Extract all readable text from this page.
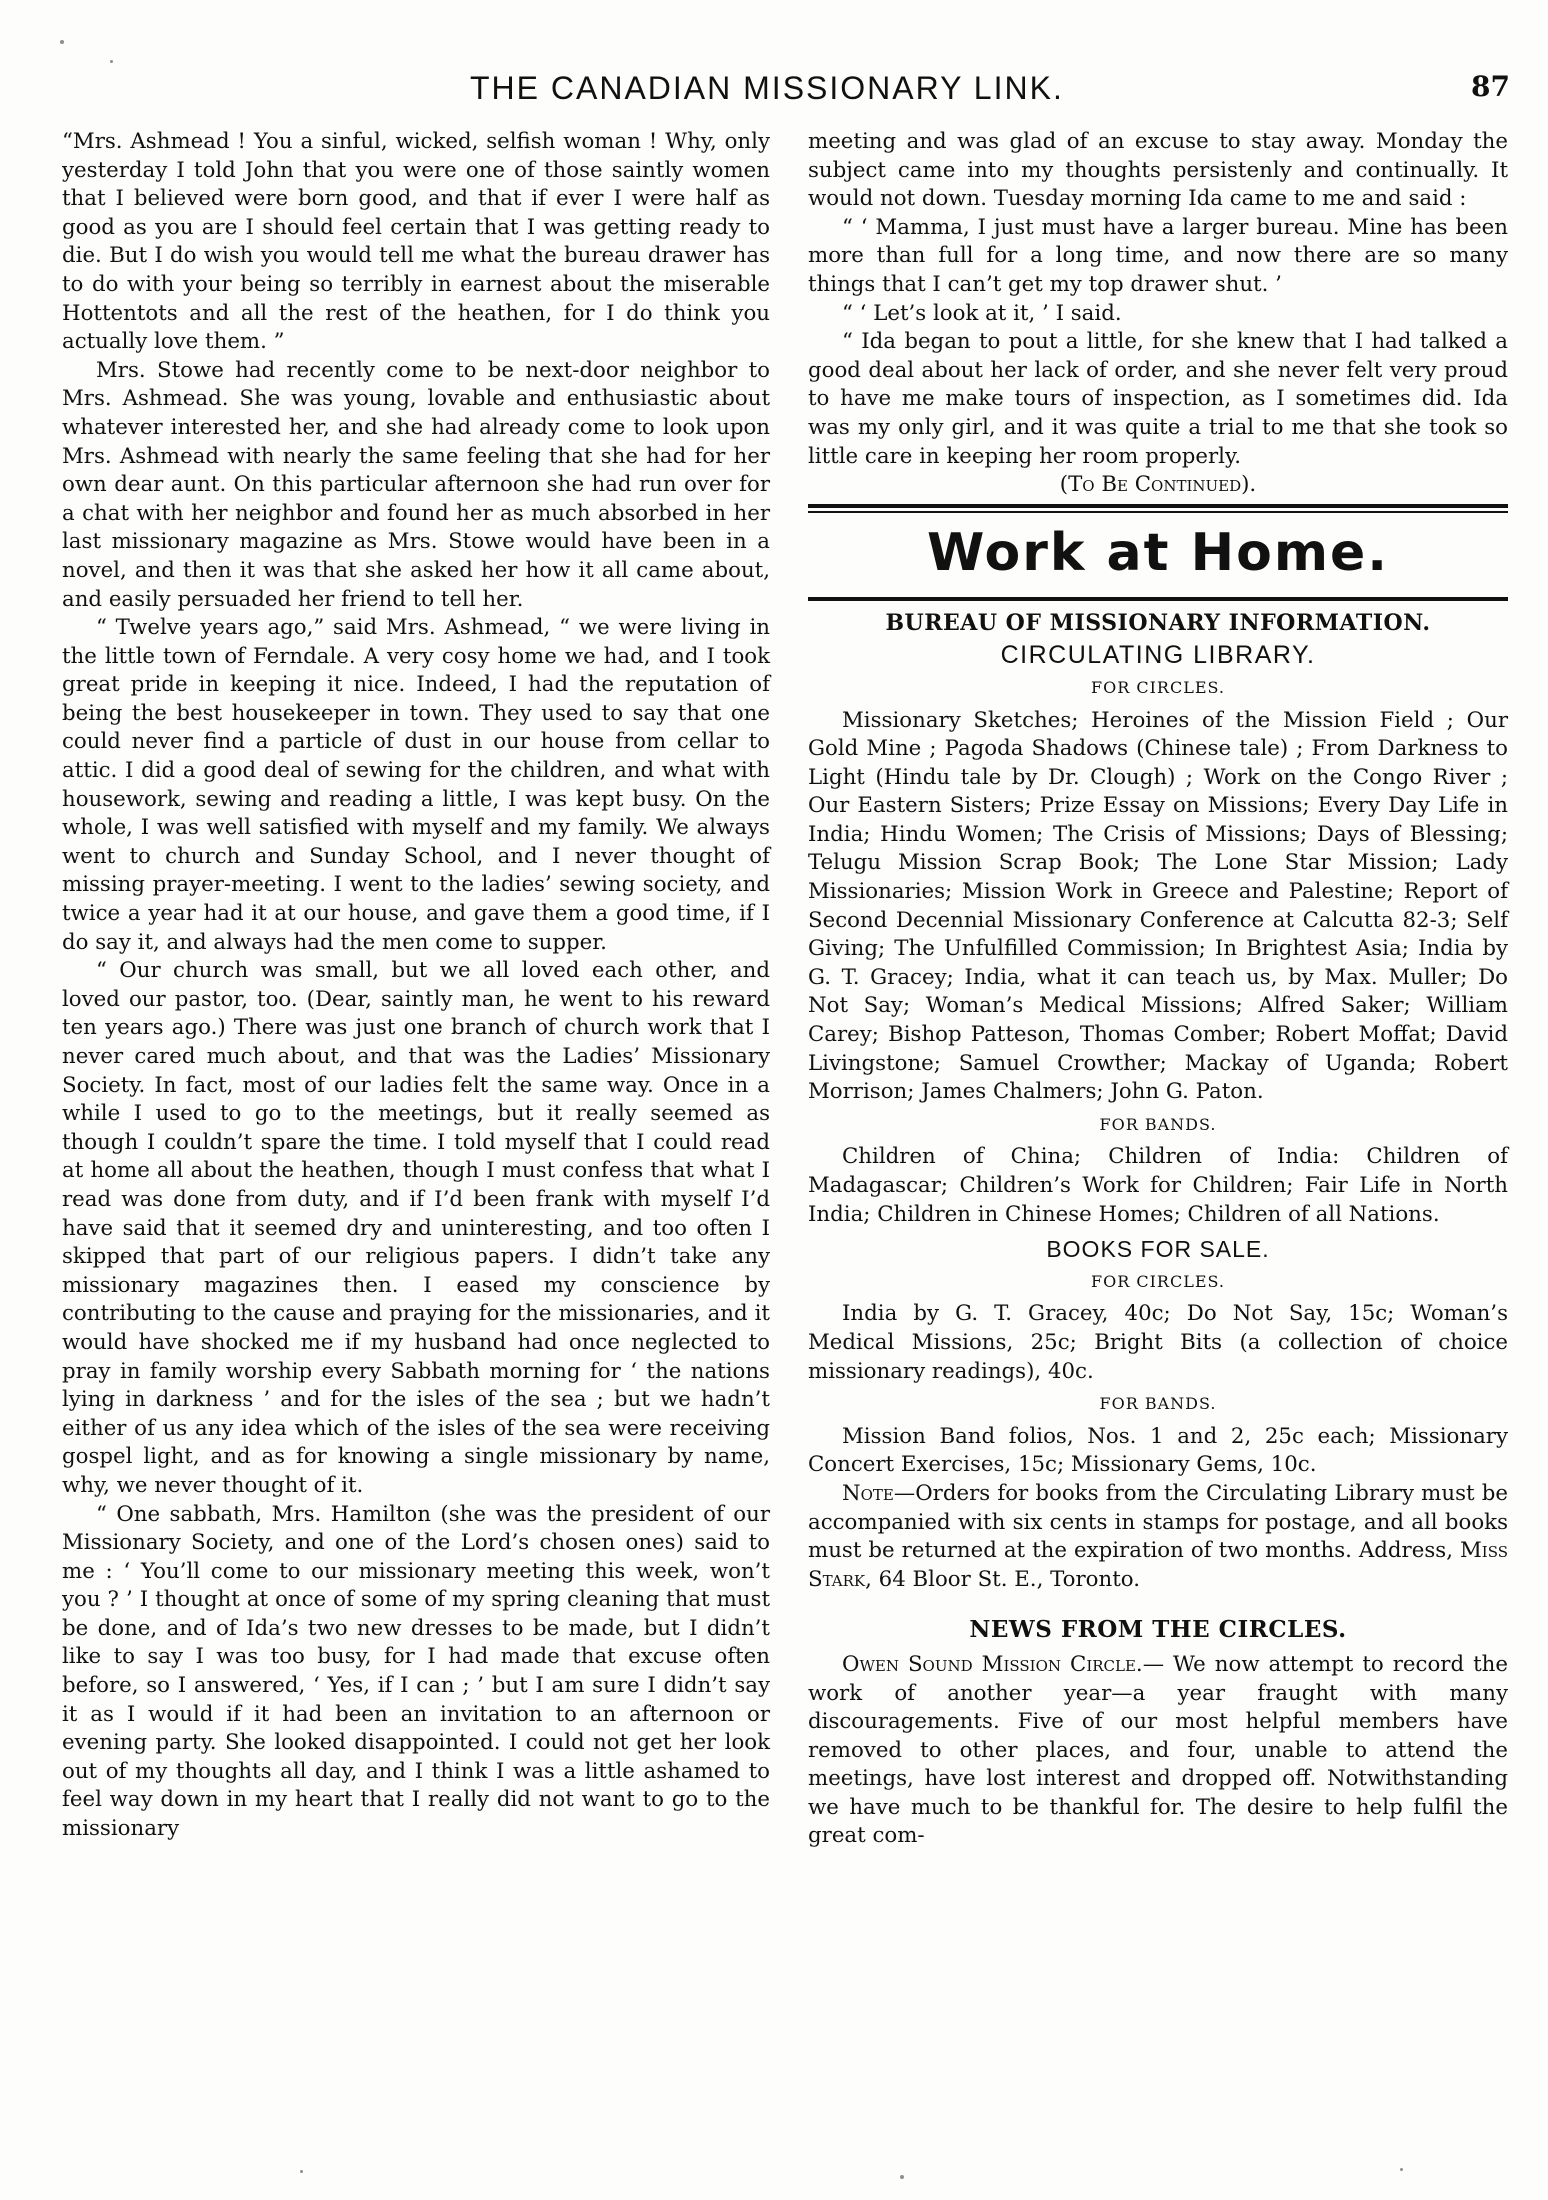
THE CANADIAN MISSIONARY LINK.	87

“Mrs. Ashmead ! You a sinful, wicked, selfish woman ! Why, only yesterday I told John that you were one of those saintly women that I believed were born good, and that if ever I were half as good as you are I should feel certain that I was getting ready to die. But I do wish you would tell me what the bureau drawer has to do with your being so terribly in earnest about the miserable Hottentots and all the rest of the heathen, for I do think you actually love them. ”

Mrs. Stowe had recently come to be next-door neighbor to Mrs. Ashmead. She was young, lovable and enthusiastic about whatever interested her, and she had already come to look upon Mrs. Ashmead with nearly the same feeling that she had for her own dear aunt. On this particular afternoon she had run over for a chat with her neighbor and found her as much absorbed in her last missionary magazine as Mrs. Stowe would have been in a novel, and then it was that she asked her how it all came about, and easily persuaded her friend to tell her.

“ Twelve years ago,” said Mrs. Ashmead, “ we were living in the little town of Ferndale. A very cosy home we had, and I took great pride in keeping it nice. Indeed, I had the reputation of being the best housekeeper in town. They used to say that one could never find a particle of dust in our house from cellar to attic. I did a good deal of sewing for the children, and what with housework, sewing and reading a little, I was kept busy. On the whole, I was well satisfied with myself and my family. We always went to church and Sunday School, and I never thought of missing prayer-meeting. I went to the ladies’ sewing society, and twice a year had it at our house, and gave them a good time, if I do say it, and always had the men come to supper.

“ Our church was small, but we all loved each other, and loved our pastor, too. (Dear, saintly man, he went to his reward ten years ago.) There was just one branch of church work that I never cared much about, and that was the Ladies’ Missionary Society. In fact, most of our ladies felt the same way. Once in a while I used to go to the meetings, but it really seemed as though I couldn’t spare the time. I told myself that I could read at home all about the heathen, though I must confess that what I read was done from duty, and if I’d been frank with myself I’d have said that it seemed dry and uninteresting, and too often I skipped that part of our religious papers. I didn’t take any missionary magazines then. I eased my conscience by contributing to the cause and praying for the missionaries, and it would have shocked me if my husband had once neglected to pray in family worship every Sabbath morning for ‘ the nations lying in darkness ’ and for the isles of the sea ; but we hadn’t either of us any idea which of the isles of the sea were receiving gospel light, and as for knowing a single missionary by name, why, we never thought of it.

“ One sabbath, Mrs. Hamilton (she was the president of our Missionary Society, and one of the Lord’s chosen ones) said to me : ‘ You’ll come to our missionary meeting this week, won’t you ? ’ I thought at once of some of my spring cleaning that must be done, and of Ida’s two new dresses to be made, but I didn’t like to say I was too busy, for I had made that excuse often before, so I answered, ‘ Yes, if I can ; ’ but I am sure I didn’t say it as I would if it had been an invitation to an afternoon or evening party. She looked disappointed. I could not get her look out of my thoughts all day, and I think I was a little ashamed to feel way down in my heart that I really did not want to go to the missionary

meeting and was glad of an excuse to stay away. Monday the subject came into my thoughts persistenly and continually. It would not down. Tuesday morning Ida came to me and said :

“ ‘ Mamma, I just must have a larger bureau. Mine has been more than full for a long time, and now there are so many things that I can’t get my top drawer shut. ’

“ ‘ Let’s look at it, ’ I said.

“ Ida began to pout a little, for she knew that I had talked a good deal about her lack of order, and she never felt very proud to have me make tours of inspection, as I sometimes did. Ida was my only girl, and it was quite a trial to me that she took so little care in keeping her room properly.

(To Be Continued).

Work at Home.
BUREAU OF MISSIONARY INFORMATION.
CIRCULATING LIBRARY.
FOR CIRCLES.

Missionary Sketches; Heroines of the Mission Field ; Our Gold Mine ; Pagoda Shadows (Chinese tale) ; From Darkness to Light (Hindu tale by Dr. Clough) ; Work on the Congo River ; Our Eastern Sisters; Prize Essay on Missions; Every Day Life in India; Hindu Women; The Crisis of Missions; Days of Blessing; Telugu Mission Scrap Book; The Lone Star Mission; Lady Missionaries; Mission Work in Greece and Palestine; Report of Second Decennial Missionary Conference at Calcutta 82-3; Self Giving; The Unfulfilled Commission; In Brightest Asia; India by G. T. Gracey; India, what it can teach us, by Max. Muller; Do Not Say; Woman’s Medical Missions; Alfred Saker; William Carey; Bishop Patteson, Thomas Comber; Robert Moffat; David Livingstone; Samuel Crowther; Mackay of Uganda; Robert Morrison; James Chalmers; John G. Paton.

FOR BANDS.

Children of China; Children of India: Children of Madagascar; Children’s Work for Children; Fair Life in North India; Children in Chinese Homes; Children of all Nations.

BOOKS FOR SALE.
FOR CIRCLES.

India by G. T. Gracey, 40c; Do Not Say, 15c; Woman’s Medical Missions, 25c; Bright Bits (a collection of choice missionary readings), 40c.

FOR BANDS.

Mission Band folios, Nos. 1 and 2, 25c each; Missionary Concert Exercises, 15c; Missionary Gems, 10c.

Note—Orders for books from the Circulating Library must be accompanied with six cents in stamps for postage, and all books must be returned at the expiration of two months. Address, Miss Stark, 64 Bloor St. E., Toronto.

NEWS FROM THE CIRCLES.

Owen Sound Mission Circle.— We now attempt to record the work of another year—a year fraught with many discouragements. Five of our most helpful members have removed to other places, and four, unable to attend the meetings, have lost interest and dropped off. Notwithstanding we have much to be thankful for. The desire to help fulfil the great com-
